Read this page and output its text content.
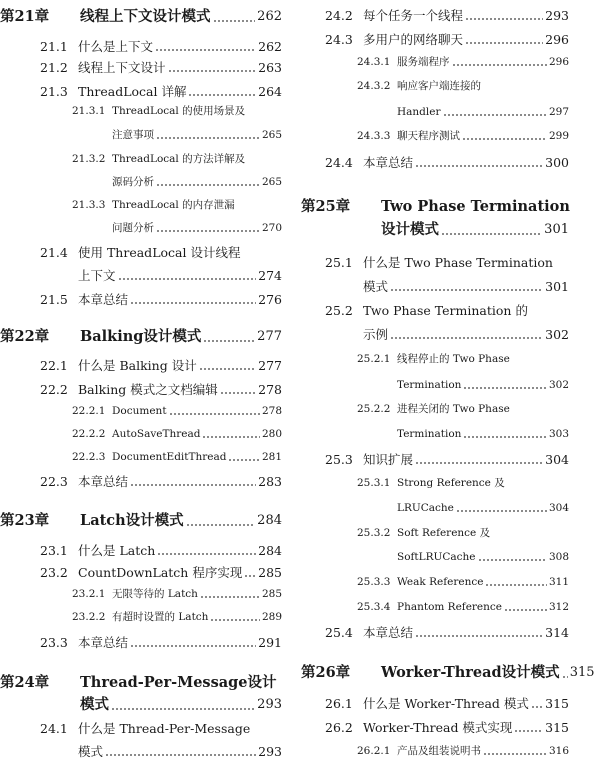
第21章	线程上下文设计模式	262
21.1 什么是上下文	262
21.2 线程上下文设计	263
21.3 ThreadLocal 详解	264
21.3.1 ThreadLocal 的使用场景及
注意事项	265
21.3.2 ThreadLocal 的方法详解及
源码分析	265
21.3.3 ThreadLocal 的内存泄漏
问题分析	270
21.4 使用 ThreadLocal 设计线程
上下文	274
21.5 本章总结	276
第22章	Balking设计模式	277
22.1 什么是 Balking 设计	277
22.2 Balking 模式之文档编辑	278
22.2.1 Document	278
22.2.2 AutoSaveThread	280
22.2.3 DocumentEditThread	281
22.3 本章总结	283
第23章	Latch设计模式	284
23.1 什么是 Latch	284
23.2 CountDownLatch 程序实现 285
23.2.1 无限等待的 Latch	285
23.2.2 有超时设置的 Latch	289
23.3 本章总结	291
第24章	Thread-Per-Message设计
模式	293
24.1 什么是 Thread-Per-Message
模式	293
24.2 每个任务一个线程	293
24.3 多用户的网络聊天	296
24.3.1 服务端程序	296
24.3.2 响应客户端连接的
Handler	297
24.3.3 聊天程序测试	299
24.4 本章总结	300
第25章	Two Phase Termination
设计模式	301
25.1 什么是 Two Phase Termination
模式	301
25.2 Two Phase Termination 的
示例	302
25.2.1 线程停止的 Two Phase
Termination	302
25.2.2 进程关闭的 Two Phase
Termination	303
25.3 知识扩展	304
25.3.1 Strong Reference 及
LRUCache	304
25.3.2 Soft Reference 及
SoftLRUCache	308
25.3.3 Weak Reference	311
25.3.4 Phantom Reference	312
25.4 本章总结	314
第26章	Worker-Thread设计模式 315
26.1 什么是 Worker-Thread 模式 315
26.2 Worker-Thread 模式实现	315
26.2.1 产品及组装说明书	316
